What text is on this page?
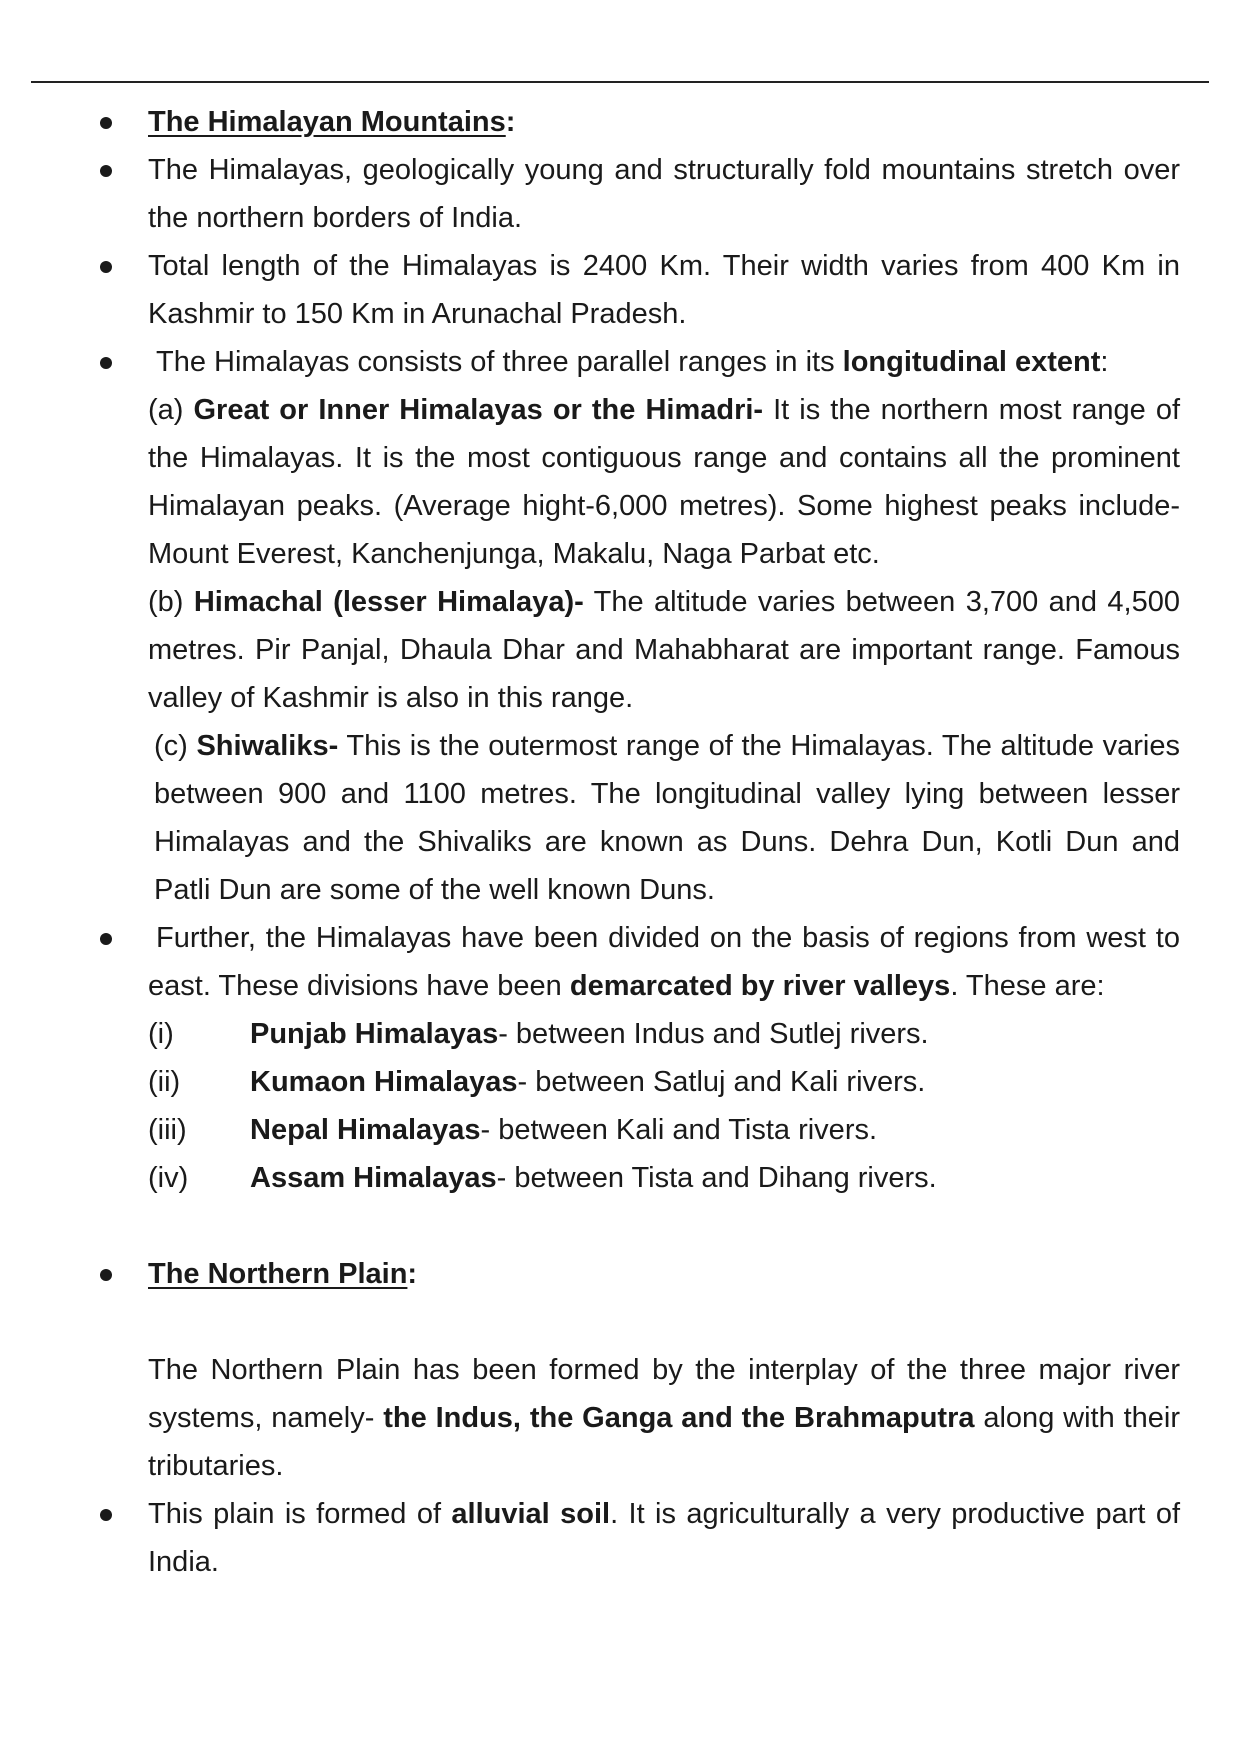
The Himalayan Mountains:
The Himalayas, geologically young and structurally fold mountains stretch over the northern borders of India.
Total length of the Himalayas is 2400 Km. Their width varies from 400 Km in Kashmir to 150 Km in Arunachal Pradesh.

The Himalayas consists of three parallel ranges in its longitudinal extent:

(a) Great or Inner Himalayas or the Himadri- It is the northern most range of the Himalayas. It is the most contiguous range and contains all the prominent Himalayan peaks. (Average hight-6,000 metres). Some highest peaks include- Mount Everest, Kanchenjunga, Makalu, Naga Parbat etc.

(b) Himachal (lesser Himalaya)- The altitude varies between 3,700 and 4,500 metres. Pir Panjal, Dhaula Dhar and Mahabharat are important range. Famous valley of Kashmir is also in this range.

(c) Shiwaliks- This is the outermost range of the Himalayas. The altitude varies between 900 and 1100 metres. The longitudinal valley lying between lesser Himalayas and the Shivaliks are known as Duns. Dehra Dun, Kotli Dun and Patli Dun are some of the well known Duns.

Further, the Himalayas have been divided on the basis of regions from west to east. These divisions have been demarcated by river valleys. These are:

(i)	Punjab Himalayas- between Indus and Sutlej rivers.
(ii)	Kumaon Himalayas- between Satluj and Kali rivers.
(iii)	Nepal Himalayas- between Kali and Tista rivers.
(iv)	Assam Himalayas- between Tista and Dihang rivers.
The Northern Plain:
The Northern Plain has been formed by the interplay of the three major river systems, namely- the Indus, the Ganga and the Brahmaputra along with their tributaries.
This plain is formed of alluvial soil. It is agriculturally a very productive part of India.
